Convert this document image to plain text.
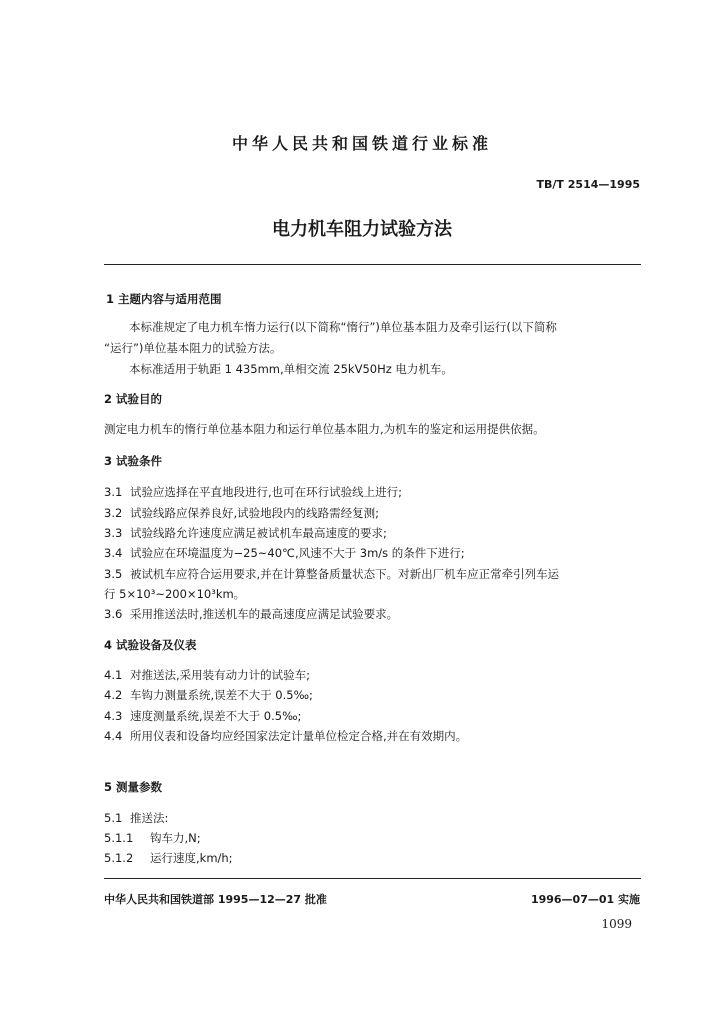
中华人民共和国铁道行业标准
TB/T 2514—1995
电力机车阻力试验方法
1 主题内容与适用范围
本标准规定了电力机车惰力运行(以下简称“惰行”)单位基本阻力及牵引运行(以下简称
“运行”)单位基本阻力的试验方法。
本标准适用于轨距 1 435mm,单相交流 25kV50Hz 电力机车。
2 试验目的
测定电力机车的惰行单位基本阻力和运行单位基本阻力,为机车的鉴定和运用提供依据。
3 试验条件
3.1 试验应选择在平直地段进行,也可在环行试验线上进行;
3.2 试验线路应保养良好,试验地段内的线路需经复测;
3.3 试验线路允许速度应满足被试机车最高速度的要求;
3.4 试验应在环境温度为−25~40℃,风速不大于 3m/s 的条件下进行;
3.5 被试机车应符合运用要求,并在计算整备质量状态下。对新出厂机车应正常牵引列车运
行 5×10³~200×10³km。
3.6 采用推送法时,推送机车的最高速度应满足试验要求。
4 试验设备及仪表
4.1 对推送法,采用装有动力计的试验车;
4.2 车钩力测量系统,误差不大于 0.5‰;
4.3 速度测量系统,误差不大于 0.5‰;
4.4 所用仪表和设备均应经国家法定计量单位检定合格,并在有效期内。
5 测量参数
5.1 推送法:
5.1.1 钩车力,N;
5.1.2 运行速度,km/h;
中华人民共和国铁道部 1995—12—27 批准	1996—07—01 实施
1099
